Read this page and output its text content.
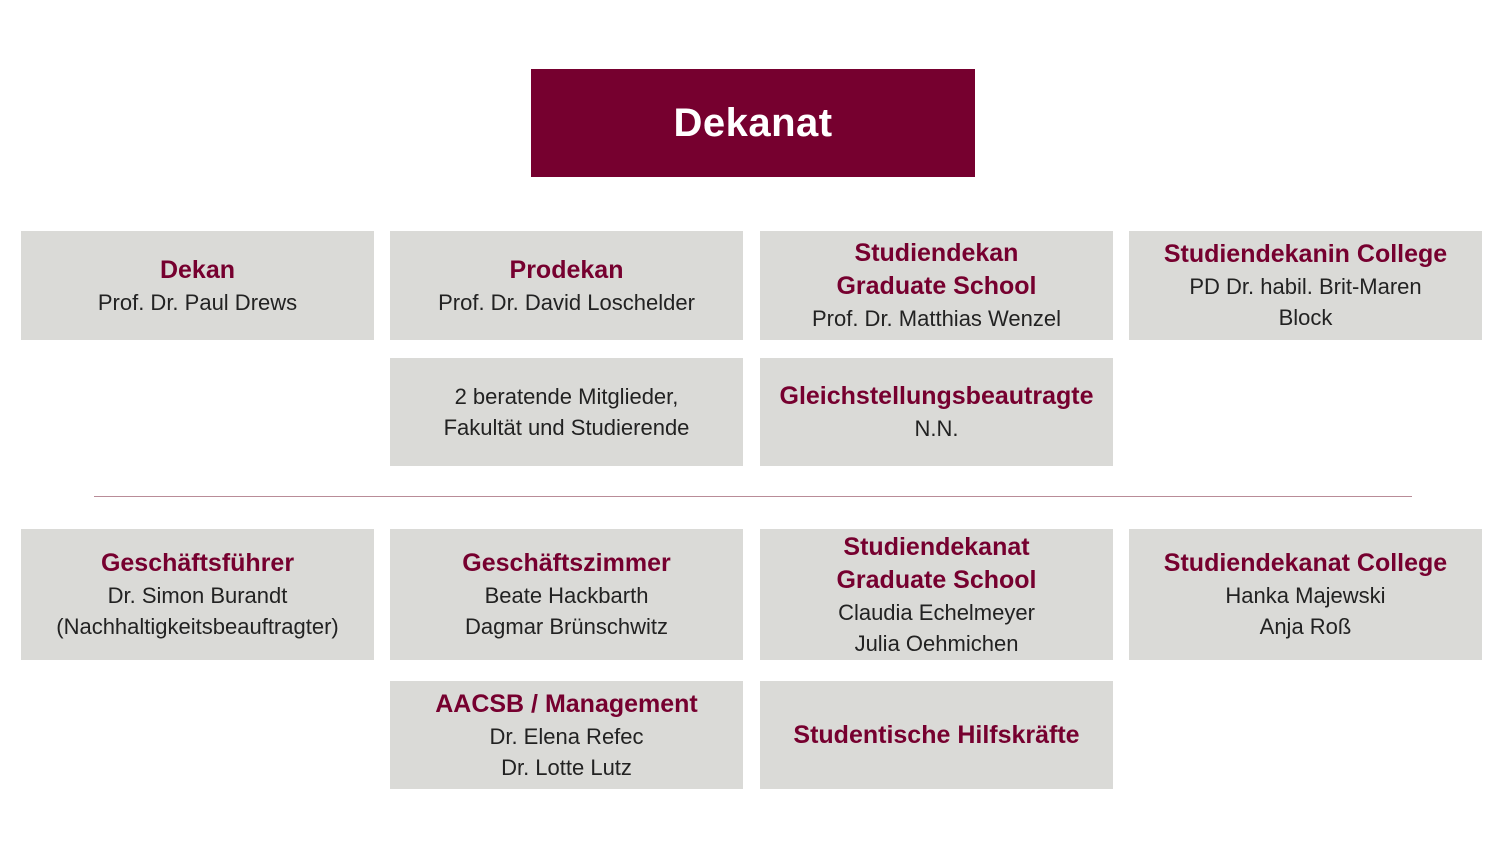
Dekanat
Dekan
Prof. Dr. Paul Drews
Prodekan
Prof. Dr. David Loschelder
Studiendekan
Graduate School
Prof. Dr. Matthias Wenzel
Studiendekanin College
PD Dr. habil. Brit-Maren
Block
2 beratende Mitglieder,
Fakultät und Studierende
Gleichstellungsbeautragte
N.N.
Geschäftsführer
Dr. Simon Burandt
(Nachhaltigkeitsbeauftragter)
Geschäftszimmer
Beate Hackbarth
Dagmar Brünschwitz
Studiendekanat
Graduate School
Claudia Echelmeyer
Julia Oehmichen
Studiendekanat College
Hanka Majewski
Anja Roß
AACSB / Management
Dr. Elena Refec
Dr. Lotte Lutz
Studentische Hilfskräfte
